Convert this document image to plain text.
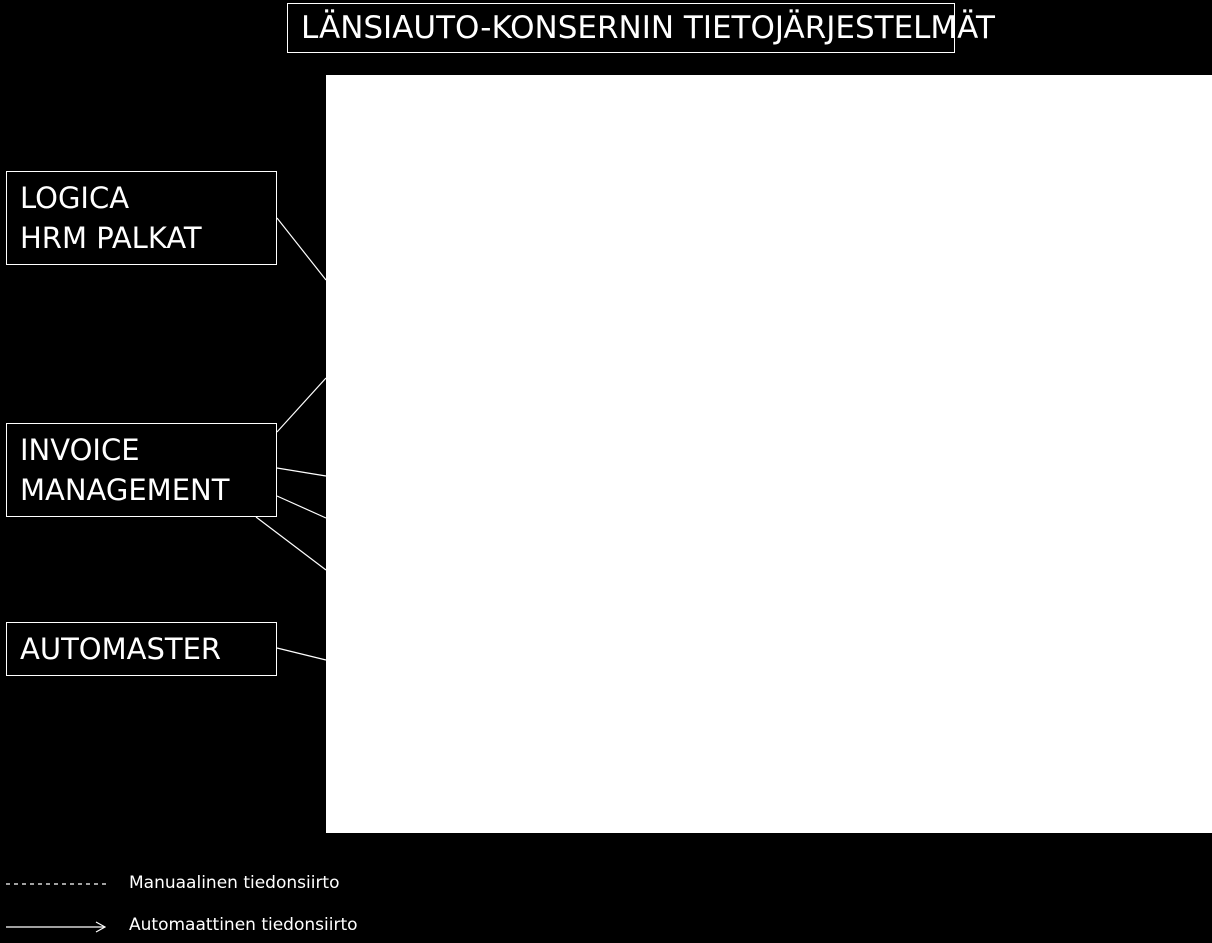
LÄNSIAUTO-KONSERNIN TIETOJÄRJESTELMÄT
LOGICA
HRM PALKAT
INVOICE
MANAGEMENT
AUTOMASTER
Manuaalinen tiedonsiirto
Automaattinen tiedonsiirto
